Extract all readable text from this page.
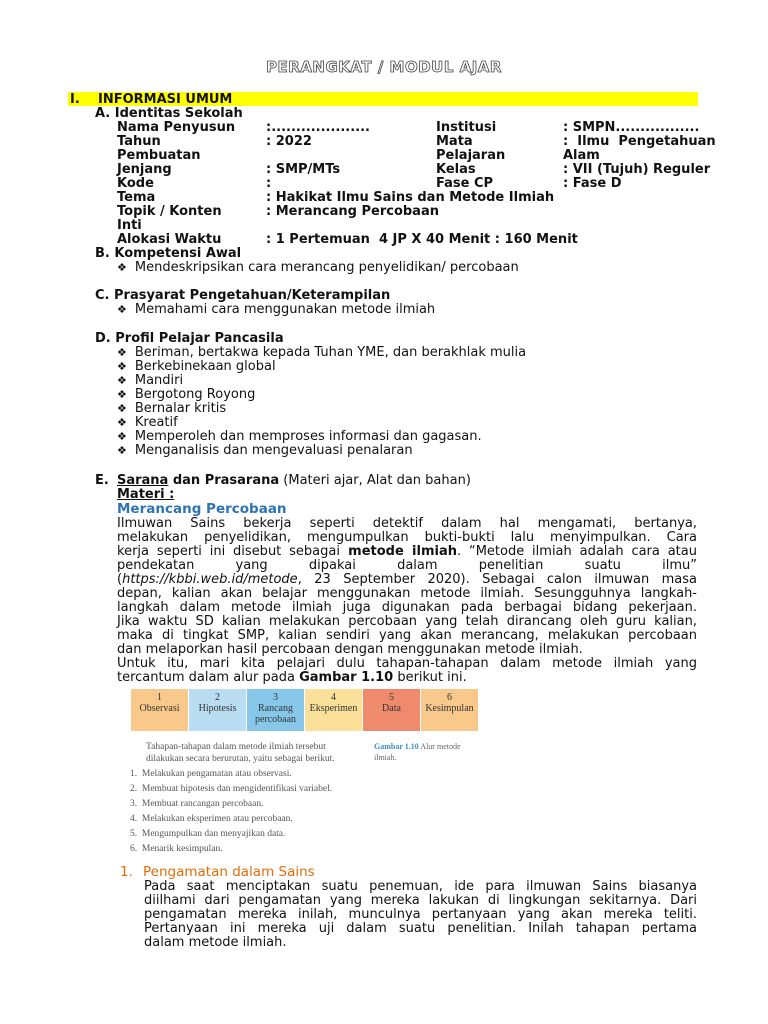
PERANGKAT / MODUL AJAR
I. INFORMASI UMUM
A. Identitas Sekolah
Nama Penyusun :....................	Institusi	: SMPN.................
Tahun	: 2022	Mata	:  Ilmu  Pengetahuan
Pembuatan	Pelajaran	Alam
Jenjang	: SMP/MTs	Kelas	: VII (Tujuh) Reguler
Kode	:	Fase CP	: Fase D
Tema	: Hakikat Ilmu Sains dan Metode Ilmiah
Topik / Konten	: Merancang Percobaan
Inti
Alokasi Waktu	: 1 Pertemuan  4 JP X 40 Menit : 160 Menit
B. Kompetensi Awal
❖ Mendeskripsikan cara merancang penyelidikan/ percobaan
C. Prasyarat Pengetahuan/Keterampilan
❖ Memahami cara menggunakan metode ilmiah
D. Profil Pelajar Pancasila
❖ Beriman, bertakwa kepada Tuhan YME, dan berakhlak mulia
❖ Berkebinekaan global
❖ Mandiri
❖ Bergotong Royong
❖ Bernalar kritis
❖ Kreatif
❖ Memperoleh dan memproses informasi dan gagasan.
❖ Menganalisis dan mengevaluasi penalaran
E. Sarana dan Prasarana (Materi ajar, Alat dan bahan)
Materi :
Merancang Percobaan
Ilmuwan Sains bekerja seperti detektif dalam hal mengamati, bertanya,
melakukan penyelidikan, mengumpulkan bukti-bukti lalu menyimpulkan. Cara
kerja seperti ini disebut sebagai metode ilmiah. “Metode ilmiah adalah cara atau
pendekatan yang dipakai dalam penelitian suatu ilmu”
(https://kbbi.web.id/metode, 23 September 2020). Sebagai calon ilmuwan masa
depan, kalian akan belajar menggunakan metode ilmiah. Sesungguhnya langkah-
langkah dalam metode ilmiah juga digunakan pada berbagai bidang pekerjaan.
Jika waktu SD kalian melakukan percobaan yang telah dirancang oleh guru kalian,
maka di tingkat SMP, kalian sendiri yang akan merancang, melakukan percobaan
dan melaporkan hasil percobaan dengan menggunakan metode ilmiah.
Untuk itu, mari kita pelajari dulu tahapan-tahapan dalam metode ilmiah yang
tercantum dalam alur pada Gambar 1.10 berikut ini.
1
Observasi
2
Hipotesis
3
Rancang percobaan
4
Eksperimen
5
Data
6
Kesimpulan
Tahapan-tahapan dalam metode ilmiah tersebut
dilakukan secara berurutan, yaitu sebagai berikut.
Gambar 1.10 Alur metode
ilmiah.
1.  Melakukan pengamatan atau observasi.
2.  Membuat hipotesis dan mengidentifikasi variabel.
3.  Membuat rancangan percobaan.
4.  Melakukan eksperimen atau percobaan.
5.  Mengumpulkan dan menyajikan data.
6.  Menarik kesimpulan.
1. Pengamatan dalam Sains
Pada saat menciptakan suatu penemuan, ide para ilmuwan Sains biasanya
diilhami dari pengamatan yang mereka lakukan di lingkungan sekitarnya. Dari
pengamatan mereka inilah, munculnya pertanyaan yang akan mereka teliti.
Pertanyaan ini mereka uji dalam suatu penelitian. Inilah tahapan pertama
dalam metode ilmiah.
